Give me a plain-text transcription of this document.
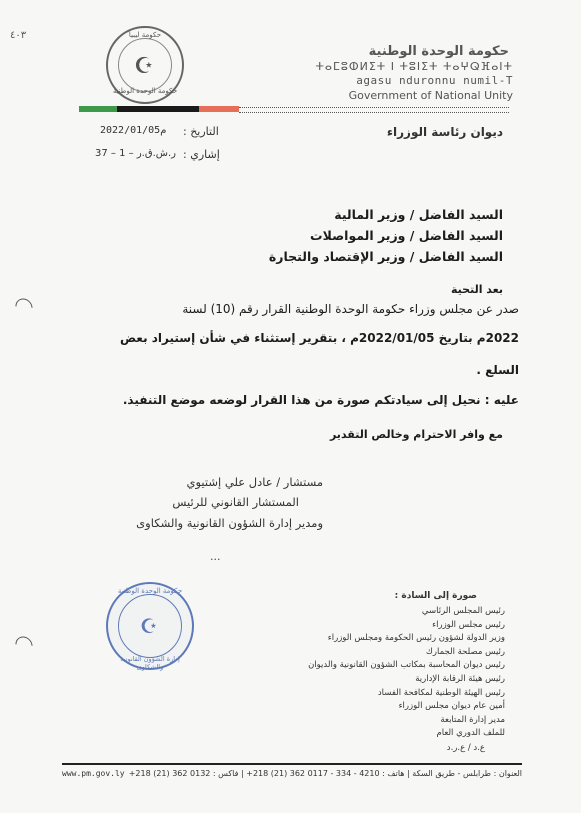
٤٠٣	حكومة ليبيا
☪
حكومة الوحدة الوطنية
حكومة الوحدة الوطنية
ⵜⴰⵎⵓⵀⵍⵉⵜ ⵏ ⵜⵓⵏⵉⵜ ⵜⴰⵖⵕⴼⴰⵏⵜ
agasu nduronnu numil-T
Government of National Unity
ديوان رئاسة الوزراء
التاريخ :
2022/01/05م
إشاري :
ر.ش.ق.ر – 1 – 37
السيد الفاضل / وزير المالية
السيد الفاضل / وزير المواصلات
السيد الفاضل / وزير الإقتصاد والتجارة
بعد التحية
صدر عن مجلس وزراء حكومة الوحدة الوطنية القرار رقم (10) لسنة
2022م بتاريخ 2022/01/05م ، بتقرير إستثناء في شأن إستيراد بعض
السلع .
عليه : نحيل إلى سيادتكم صورة من هذا القرار لوضعه موضع التنفيذ.
مع وافر الاحترام وخالص التقدير
مستشار / عادل علي إشتيوي
المستشار القانوني للرئيس
ومدير إدارة الشؤون القانونية والشكاوى
...
حكومة الوحدة الوطنية
☪
إدارة الشؤون القانونية والشكاوى
صورة إلى السادة :
رئيس المجلس الرئاسي
رئيس مجلس الوزراء
وزير الدولة لشؤون رئيس الحكومة ومجلس الوزراء
رئيس مصلحة الجمارك
رئيس ديوان المحاسبة بمكاتب الشؤون القانونية والديوان
رئيس هيئة الرقابة الإدارية
رئيس الهيئة الوطنية لمكافحة الفساد
أمين عام ديوان مجلس الوزراء
مدير إدارة المتابعة
للملف الدوري العام
ع.د / ع.ر.د
العنوان : طرابلس - طريق السكة | هاتف : 4210 - 334 - 0117 362 (21) 218+ | فاكس : 0132 362 (21) 218+
www.pm.gov.ly
